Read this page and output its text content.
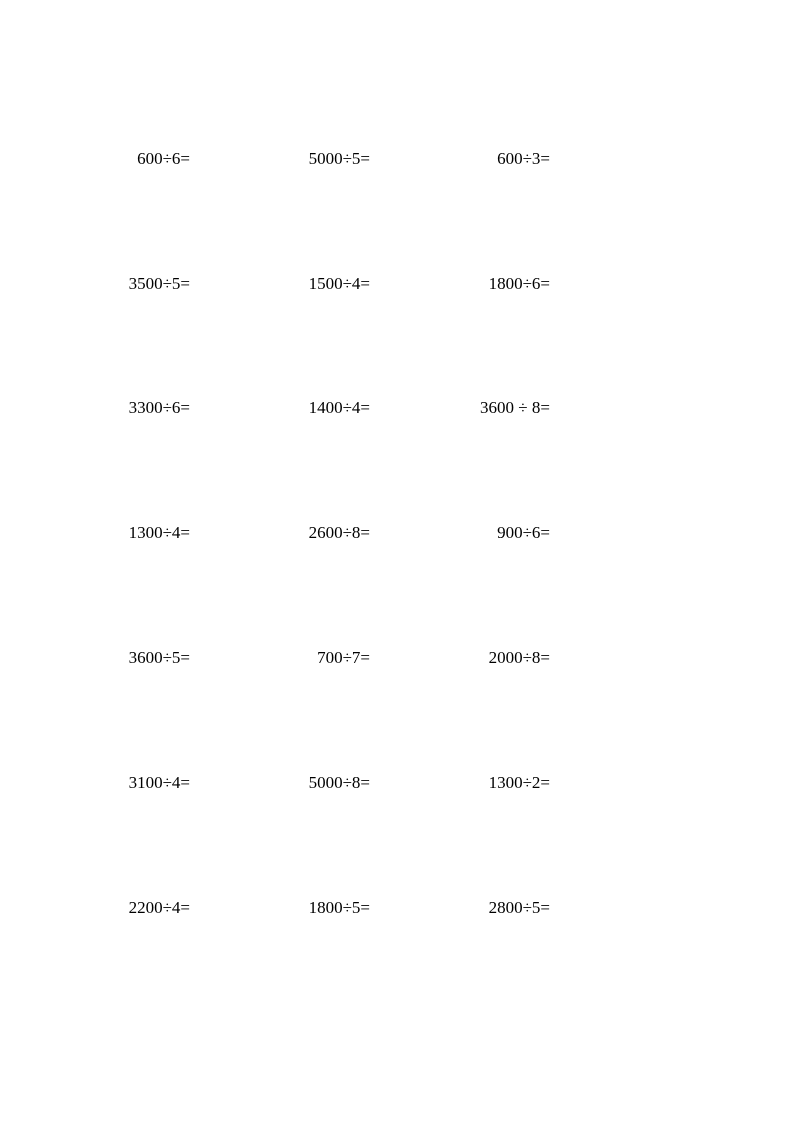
600÷6=	5000÷5=	600÷3=
3500÷5=	1500÷4=	1800÷6=
3300÷6=	1400÷4=	3600 ÷ 8=
1300÷4=	2600÷8=	900÷6=
3600÷5=	700÷7=	2000÷8=
3100÷4=	5000÷8=	1300÷2=
2200÷4=	1800÷5=	2800÷5=
